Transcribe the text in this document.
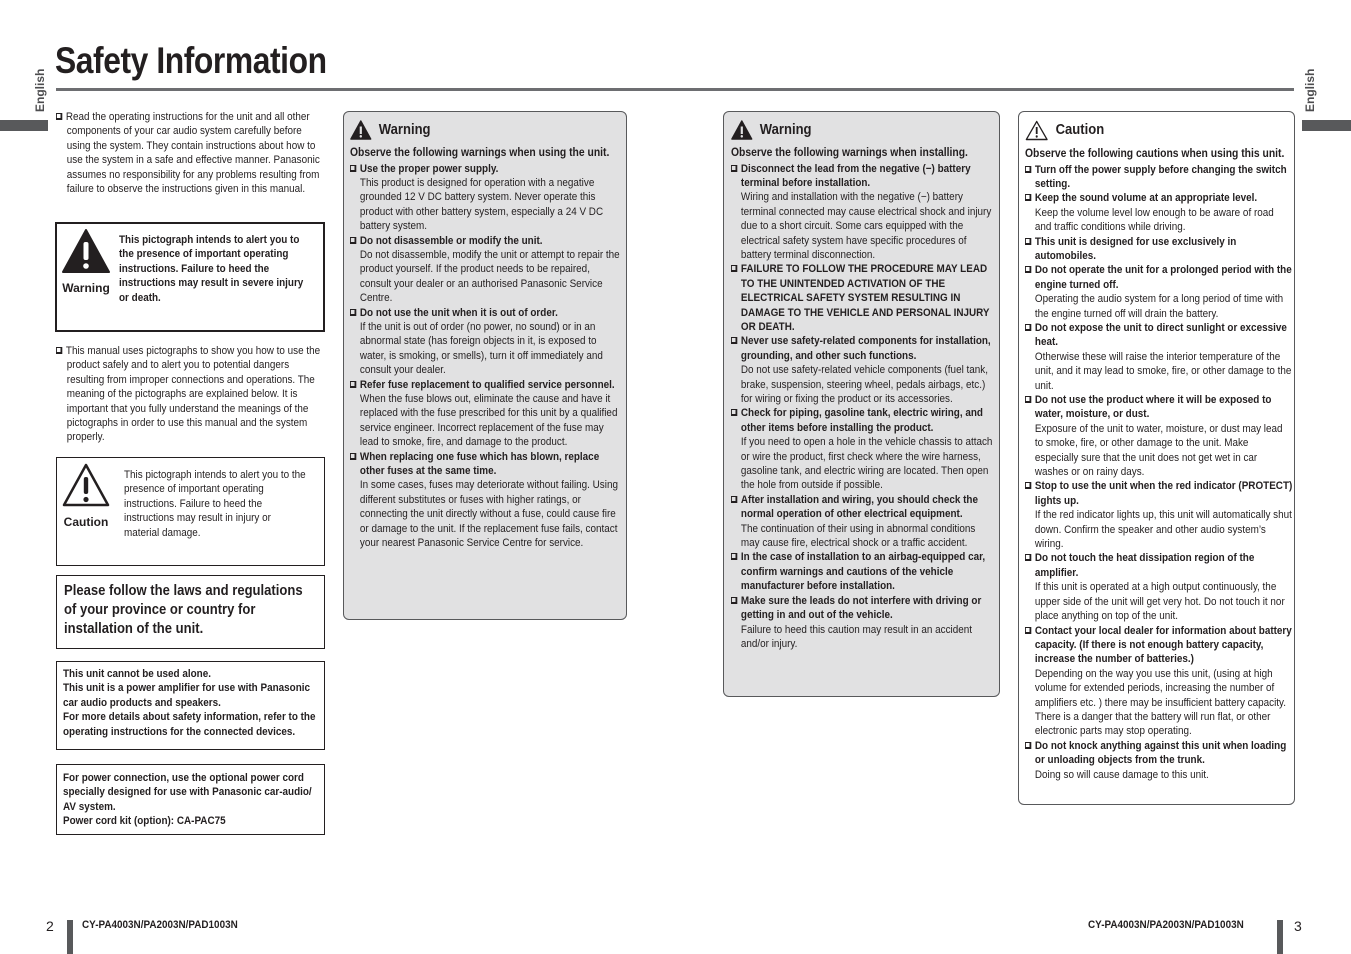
Safety Information
English	English
Read the operating instructions for the unit and all other components of your car audio system carefully before using the system. They contain instructions about how to use the system in a safe and effective manner. Panasonic assumes no responsibility for any problems resulting from failure to observe the instructions given in this manual.
Warning
This pictograph intends to alert you to the presence of important operating instructions. Failure to heed the instructions may result in severe injury or death.
This manual uses pictographs to show you how to use the product safely and to alert you to potential dangers resulting from improper connections and operations. The meaning of the pictographs are explained below. It is important that you fully understand the meanings of the pictographs in order to use this manual and the system properly.
Caution
This pictograph intends to alert you to the presence of important operating instructions. Failure to heed the instructions may result in injury or material damage.
Please follow the laws and regulations of your province or country for installation of the unit.
This unit cannot be used alone.
This unit is a power amplifier for use with Panasonic car audio products and speakers.
For more details about safety information, refer to the operating instructions for the connected devices.
For power connection, use the optional power cord specially designed for use with Panasonic car-audio/ AV system.
Power cord kit (option): CA-PAC75
Warning
Observe the following warnings when using the unit.
Use the proper power supply.
This product is designed for operation with a negative grounded 12 V DC battery system. Never operate this product with other battery system, especially a 24 V DC battery system.
Do not disassemble or modify the unit.
Do not disassemble, modify the unit or attempt to repair the product yourself. If the product needs to be repaired, consult your dealer or an authorised Panasonic Service Centre.
Do not use the unit when it is out of order.
If the unit is out of order (no power, no sound) or in an abnormal state (has foreign objects in it, is exposed to water, is smoking, or smells), turn it off immediately and consult your dealer.
Refer fuse replacement to qualified service personnel.
When the fuse blows out, eliminate the cause and have it replaced with the fuse prescribed for this unit by a qualified service engineer. Incorrect replacement of the fuse may lead to smoke, fire, and damage to the product.
When replacing one fuse which has blown, replace other fuses at the same time.
In some cases, fuses may deteriorate without failing. Using different substitutes or fuses with higher ratings, or connecting the unit directly without a fuse, could cause fire or damage to the unit. If the replacement fuse fails, contact your nearest Panasonic Service Centre for service.
Warning
Observe the following warnings when installing.
Disconnect the lead from the negative (−) battery terminal before installation.
Wiring and installation with the negative (−) battery terminal connected may cause electrical shock and injury due to a short circuit. Some cars equipped with the electrical safety system have specific procedures of battery terminal disconnection.
FAILURE TO FOLLOW THE PROCEDURE MAY LEAD TO THE UNINTENDED ACTIVATION OF THE ELECTRICAL SAFETY SYSTEM RESULTING IN DAMAGE TO THE VEHICLE AND PERSONAL INJURY OR DEATH.
Never use safety-related components for installation, grounding, and other such functions.
Do not use safety-related vehicle components (fuel tank, brake, suspension, steering wheel, pedals airbags, etc.) for wiring or fixing the product or its accessories.
Check for piping, gasoline tank, electric wiring, and other items before installing the product.
If you need to open a hole in the vehicle chassis to attach or wire the product, first check where the wire harness, gasoline tank, and electric wiring are located. Then open the hole from outside if possible.
After installation and wiring, you should check the normal operation of other electrical equipment.
The continuation of their using in abnormal conditions may cause fire, electrical shock or a traffic accident.
In the case of installation to an airbag-equipped car, confirm warnings and cautions of the vehicle manufacturer before installation.
Make sure the leads do not interfere with driving or getting in and out of the vehicle.
Failure to heed this caution may result in an accident and/or injury.
Caution
Observe the following cautions when using this unit.
Turn off the power supply before changing the switch setting.
Keep the sound volume at an appropriate level.
Keep the volume level low enough to be aware of road and traffic conditions while driving.
This unit is designed for use exclusively in automobiles.
Do not operate the unit for a prolonged period with the engine turned off.
Operating the audio system for a long period of time with the engine turned off will drain the battery.
Do not expose the unit to direct sunlight or excessive heat.
Otherwise these will raise the interior temperature of the unit, and it may lead to smoke, fire, or other damage to the unit.
Do not use the product where it will be exposed to water, moisture, or dust.
Exposure of the unit to water, moisture, or dust may lead to smoke, fire, or other damage to the unit. Make especially sure that the unit does not get wet in car washes or on rainy days.
Stop to use the unit when the red indicator (PROTECT) lights up.
If the red indicator lights up, this unit will automatically shut down. Confirm the speaker and other audio system’s wiring.
Do not touch the heat dissipation region of the amplifier.
If this unit is operated at a high output continuously, the upper side of the unit will get very hot. Do not touch it nor place anything on top of the unit.
Contact your local dealer for information about battery capacity. (If there is not enough battery capacity, increase the number of batteries.)
Depending on the way you use this unit, (using at high volume for extended periods, increasing the number of amplifiers etc. ) there may be insufficient battery capacity. There is a danger that the battery will run flat, or other electronic parts may stop operating.
Do not knock anything against this unit when loading or unloading objects from the trunk.
Doing so will cause damage to this unit.
2	CY-PA4003N/PA2003N/PAD1003N	CY-PA4003N/PA2003N/PAD1003N	3
